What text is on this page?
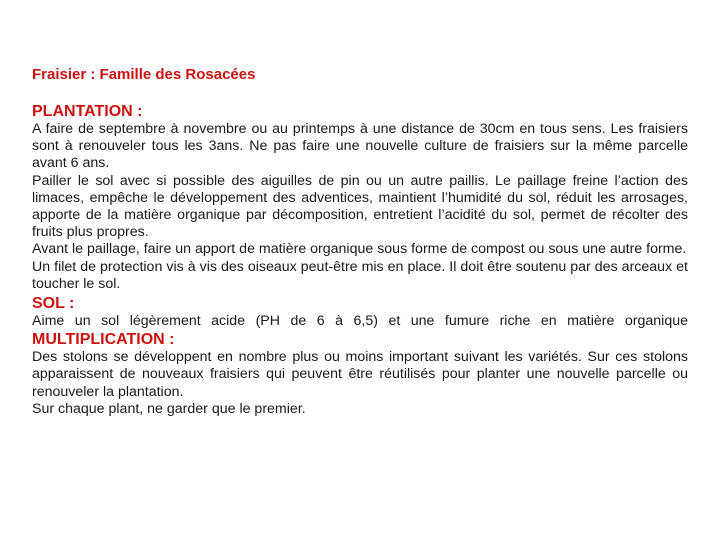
Fraisier : Famille des Rosacées
PLANTATION :

A faire de septembre à novembre ou au printemps à une distance de 30cm en tous sens. Les fraisiers sont à renouveler tous les 3ans. Ne pas faire une nouvelle culture de fraisiers sur la même parcelle avant 6 ans.

Pailler le sol avec si possible des aiguilles de pin ou un autre paillis. Le paillage freine l’action des limaces, empêche le développement des adventices, maintient l’humidité du sol, réduit les arrosages, apporte de la matière organique par décomposition, entretient l’acidité du sol, permet de récolter des fruits plus propres.

Avant le paillage, faire un apport de matière organique sous forme de compost ou sous une autre forme.

Un filet de protection vis à vis des oiseaux peut-être mis en place. Il doit être soutenu par des arceaux et toucher le sol.

SOL :

Aime un sol légèrement acide (PH de 6 à 6,5) et une fumure riche en matière organique

MULTIPLICATION :

Des stolons se développent en nombre plus ou moins important suivant les variétés. Sur ces stolons apparaissent de nouveaux fraisiers qui peuvent être réutilisés pour planter une nouvelle parcelle ou renouveler la plantation.

Sur chaque plant, ne garder que le premier.
